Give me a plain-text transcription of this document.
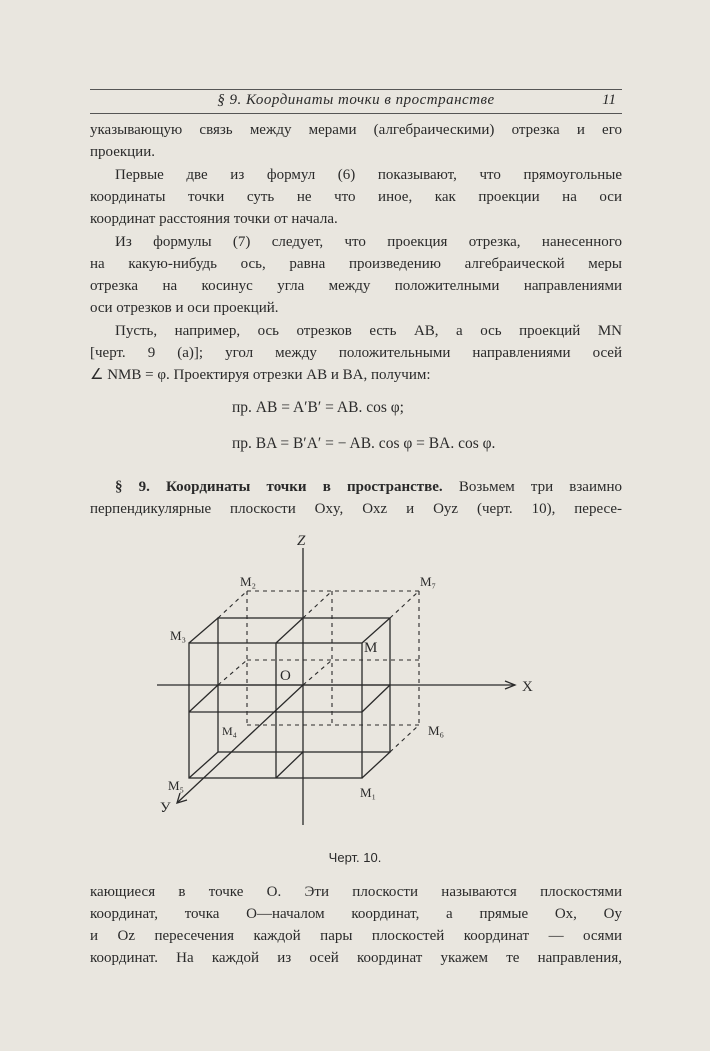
§ 9. Координаты точки в пространстве	11
указывающую связь между мерами (алгебраическими) отрезка и его
проекции.
Первые две из формул (6) показывают, что прямоугольные
координаты точки суть не что иное, как проекции на оси
координат расстояния точки от начала.
Из формулы (7) следует, что проекция отрезка, нанесенного
на какую-нибудь ось, равна произведению алгебраической меры
отрезка на косинус угла между положителными направлениями
оси отрезков и оси проекций.
Пусть, например, ось отрезков есть AB, а ось проекций MN
[черт. 9 (a)]; угол между положительными направлениями осей
∠ NMB = φ. Проектируя отрезки AB и BA, получим:
пр. AB = A′B′ = AB. cos φ;
пр. BA = B′A′ = − AB. cos φ = BA. cos φ.
§ 9. Координаты точки в пространстве. Возьмем три взаимно
перпендикулярные плоскости Oxy, Oxz и Oyz (черт. 10), пересе-
Z
X
У
O
M
M₁
M₂
M₃
M₄
M₅
M₆
M₇
Черт. 10.
кающиеся в точке O. Эти плоскости называются плоскостями
координат, точка O—началом координат, а прямые Ox, Oy
и Oz пересечения каждой пары плоскостей координат — осями
координат. На каждой из осей координат укажем те направления,
